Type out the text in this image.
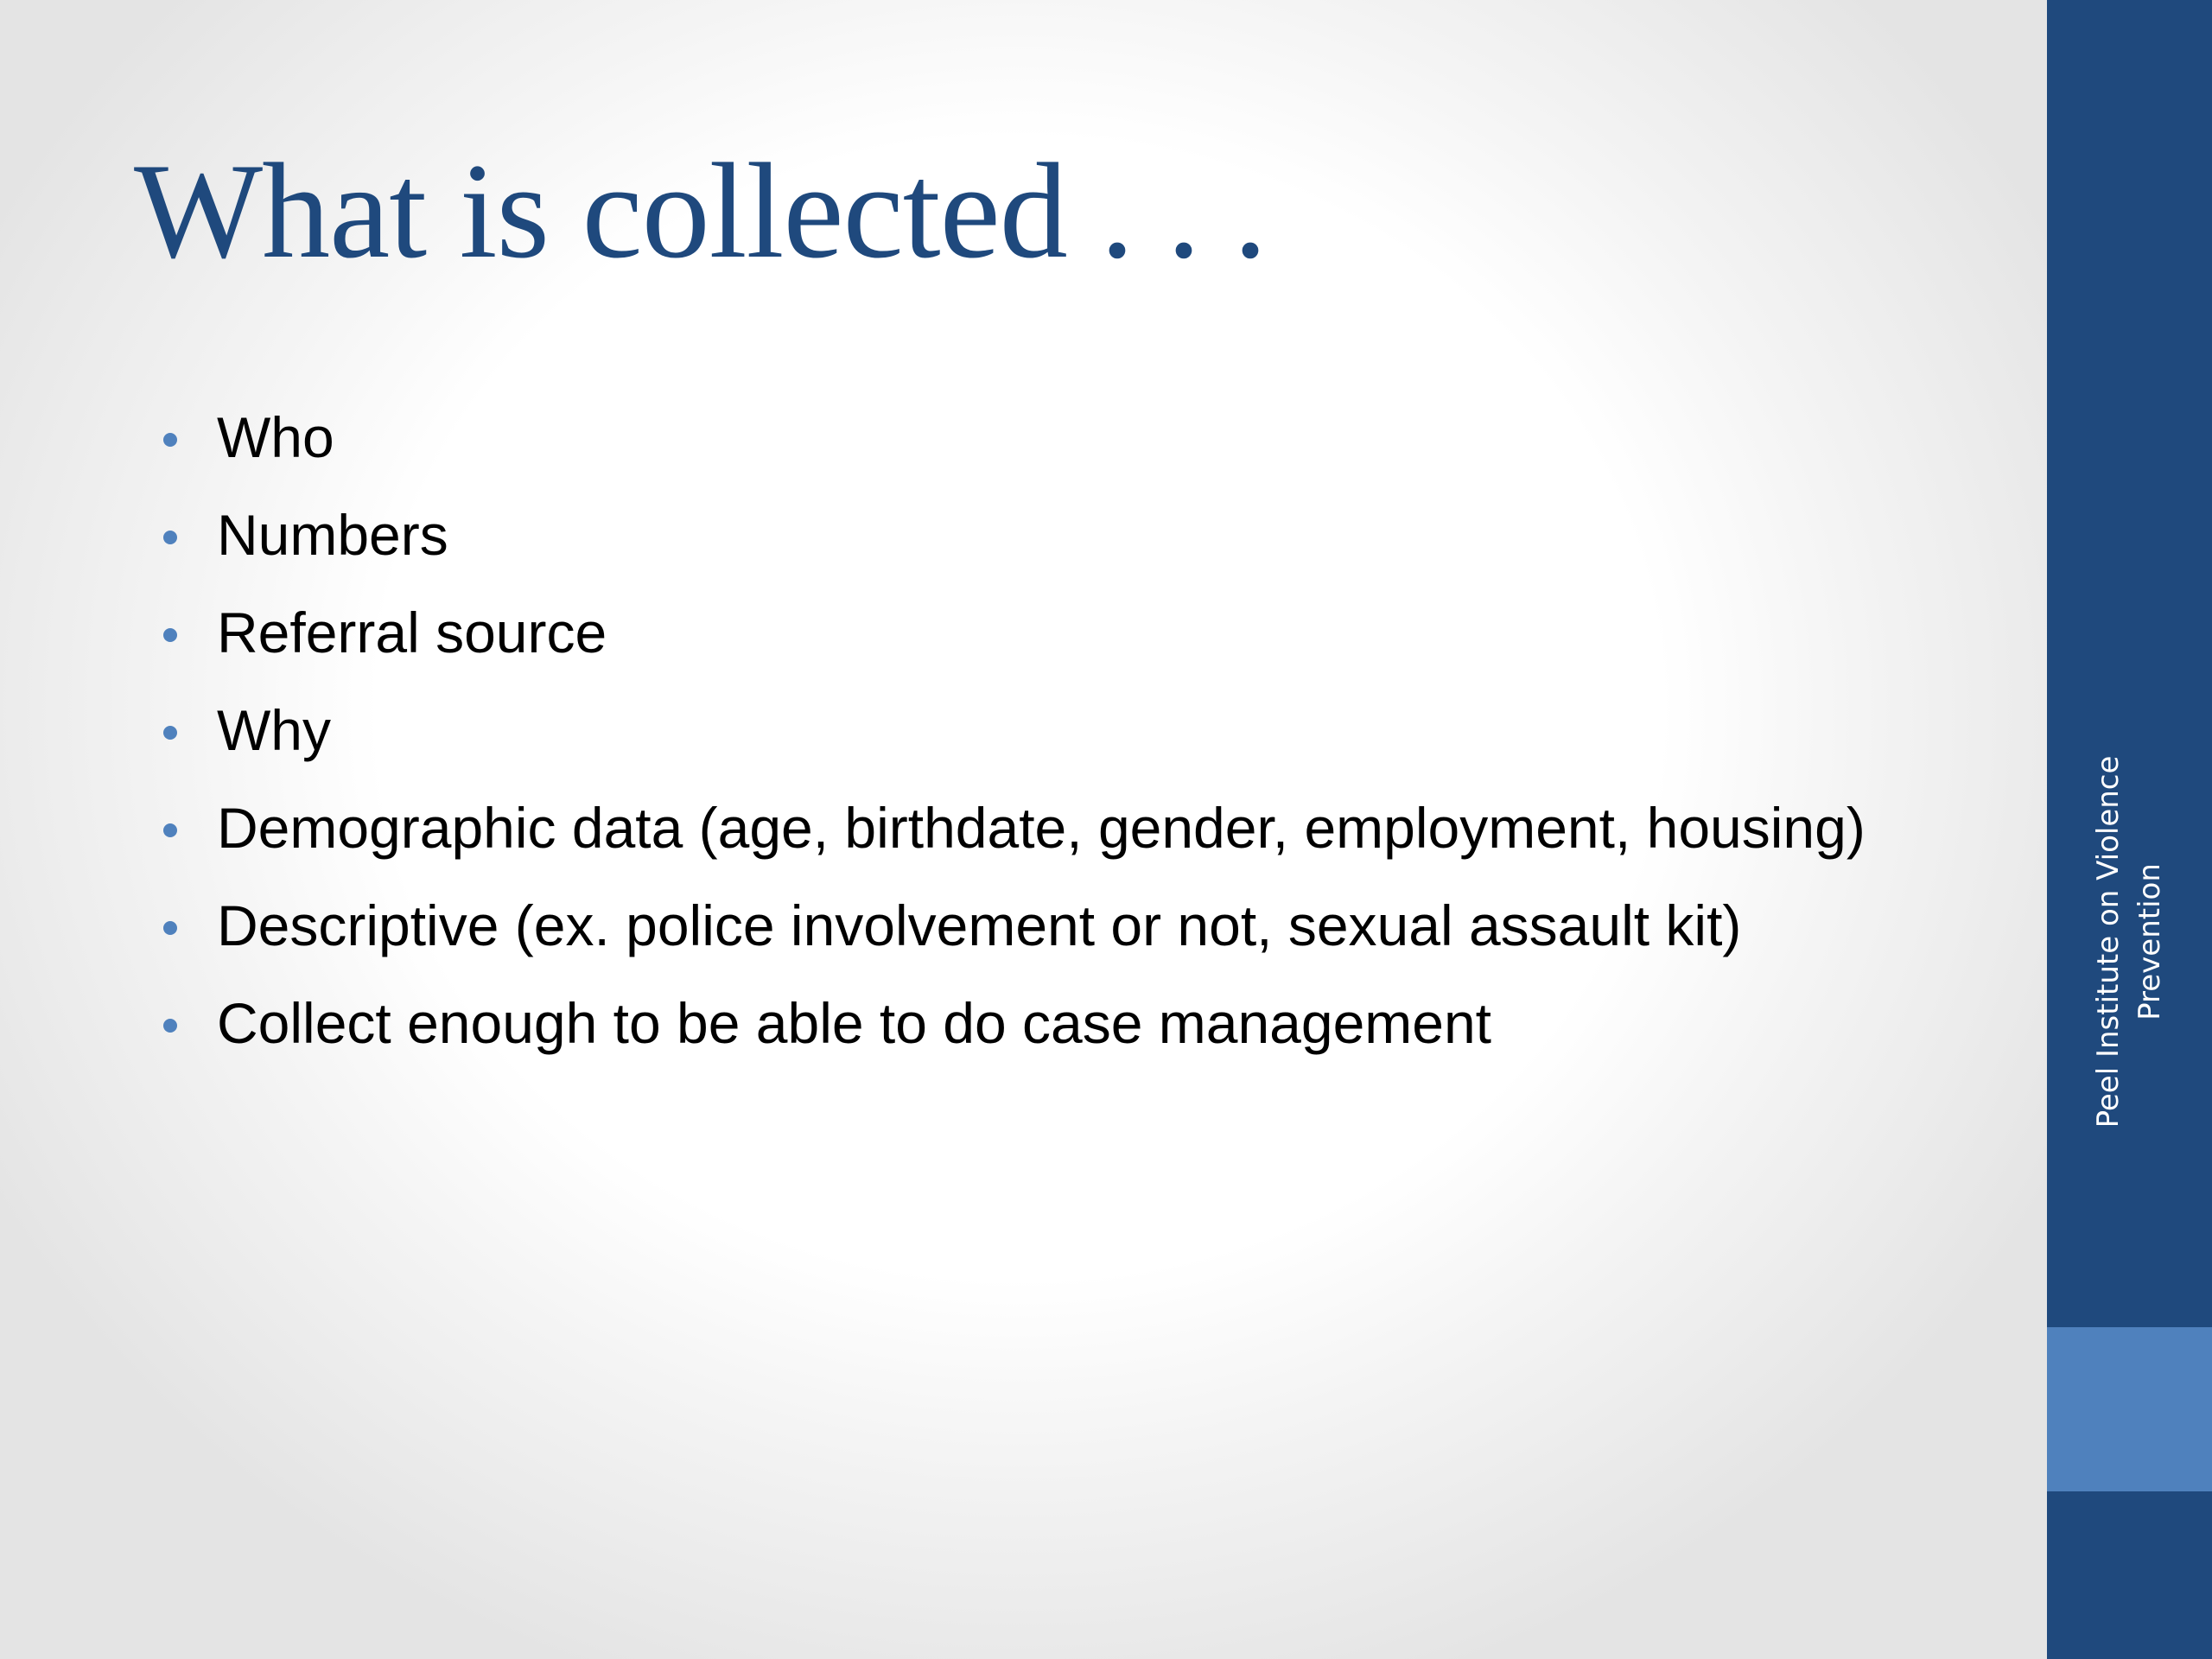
What is collected . . .
Who
Numbers
Referral source
Why
Demographic data (age, birthdate, gender, employment, housing)
Descriptive (ex. police involvement or not, sexual assault kit)
Collect enough to be able to do case management	Peel Institute on Violence Prevention
